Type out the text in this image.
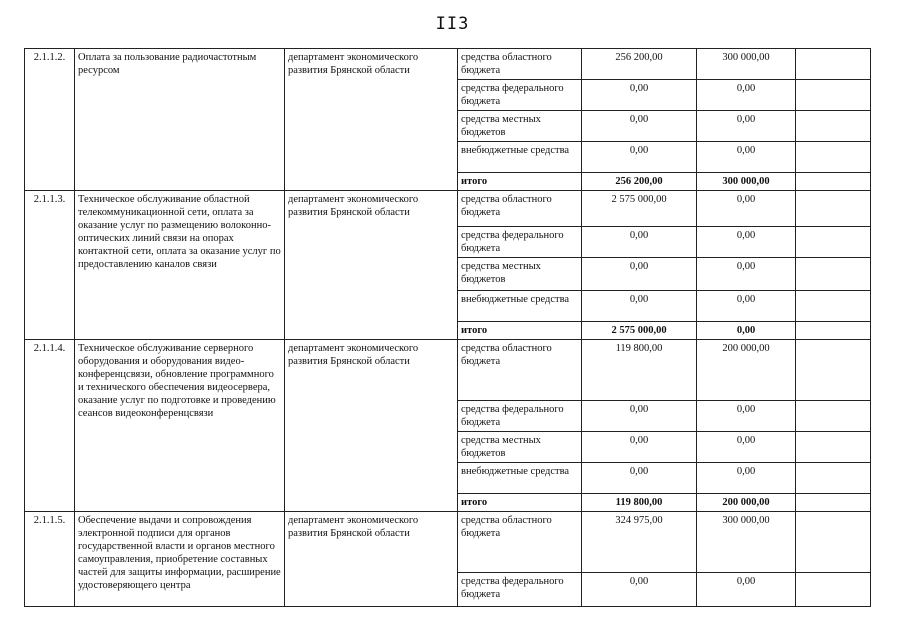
II3
2.1.1.2.	Оплата за пользование радиочастотным ресурсом	департамент экономического развития Брянской области	средства областного бюджета	256 200,00	300 000,00	
			средства федерального бюджета	0,00	0,00	
			средства местных бюджетов	0,00	0,00	
			внебюджетные средства	0,00	0,00	
			итого	256 200,00	300 000,00	
2.1.1.3.	Техническое обслуживание областной телекоммуникационной сети, оплата за оказание услуг по размещению волоконно-оптических линий связи на опорах контактной сети, оплата за оказание услуг по предоставлению каналов связи	департамент экономического развития Брянской области	средства областного бюджета	2 575 000,00	0,00	
			средства федерального бюджета	0,00	0,00	
			средства местных бюджетов	0,00	0,00	
			внебюджетные средства	0,00	0,00	
			итого	2 575 000,00	0,00	
2.1.1.4.	Техническое обслуживание серверного оборудования и оборудования видео-конференцсвязи, обновление программного и технического обеспечения видеосервера, оказание услуг по подготовке и проведению сеансов видеоконференцсвязи	департамент экономического развития Брянской области	средства областного бюджета	119 800,00	200 000,00	
			средства федерального бюджета	0,00	0,00	
			средства местных бюджетов	0,00	0,00	
			внебюджетные средства	0,00	0,00	
			итого	119 800,00	200 000,00	
2.1.1.5.	Обеспечение выдачи и сопровождения электронной подписи для органов государственной власти и органов местного самоуправления, приобретение составных частей для защиты информации, расширение удостоверяющего центра	департамент экономического развития Брянской области	средства областного бюджета	324 975,00	300 000,00	
			средства федерального бюджета	0,00	0,00	
